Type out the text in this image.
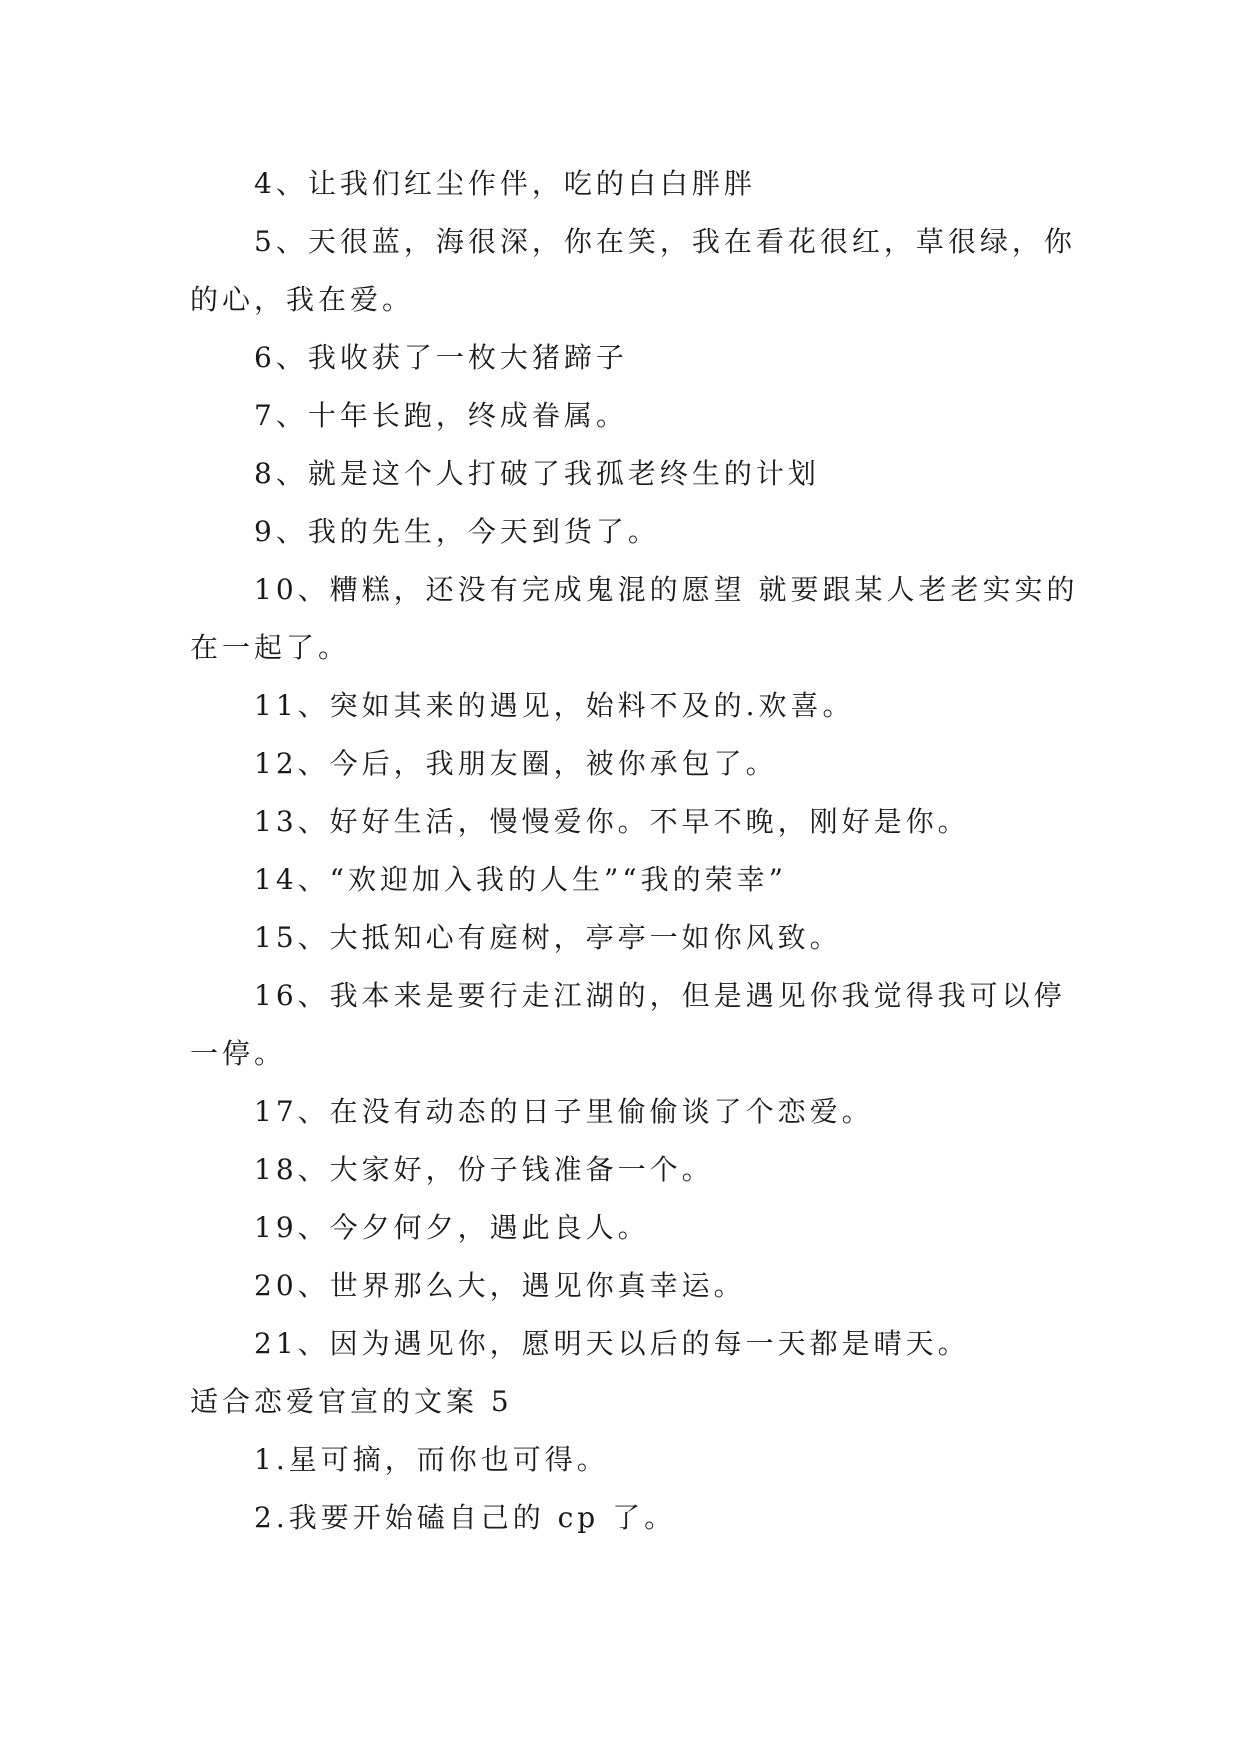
4、让我们红尘作伴，吃的白白胖胖

5、天很蓝，海很深，你在笑，我在看花很红，草很绿，你的心，我在爱。

6、我收获了一枚大猪蹄子

7、十年长跑，终成眷属。

8、就是这个人打破了我孤老终生的计划

9、我的先生，今天到货了。

10、糟糕，还没有完成鬼混的愿望 就要跟某人老老实实的在一起了。

11、突如其来的遇见，始料不及的.欢喜。

12、今后，我朋友圈，被你承包了。

13、好好生活，慢慢爱你。不早不晚，刚好是你。

14、“欢迎加入我的人生”“我的荣幸”

15、大抵知心有庭树，亭亭一如你风致。

16、我本来是要行走江湖的，但是遇见你我觉得我可以停一停。

17、在没有动态的日子里偷偷谈了个恋爱。

18、大家好，份子钱准备一个。

19、今夕何夕，遇此良人。

20、世界那么大，遇见你真幸运。

21、因为遇见你，愿明天以后的每一天都是晴天。

适合恋爱官宣的文案 5

1.星可摘，而你也可得。

2.我要开始磕自己的 cp 了。
